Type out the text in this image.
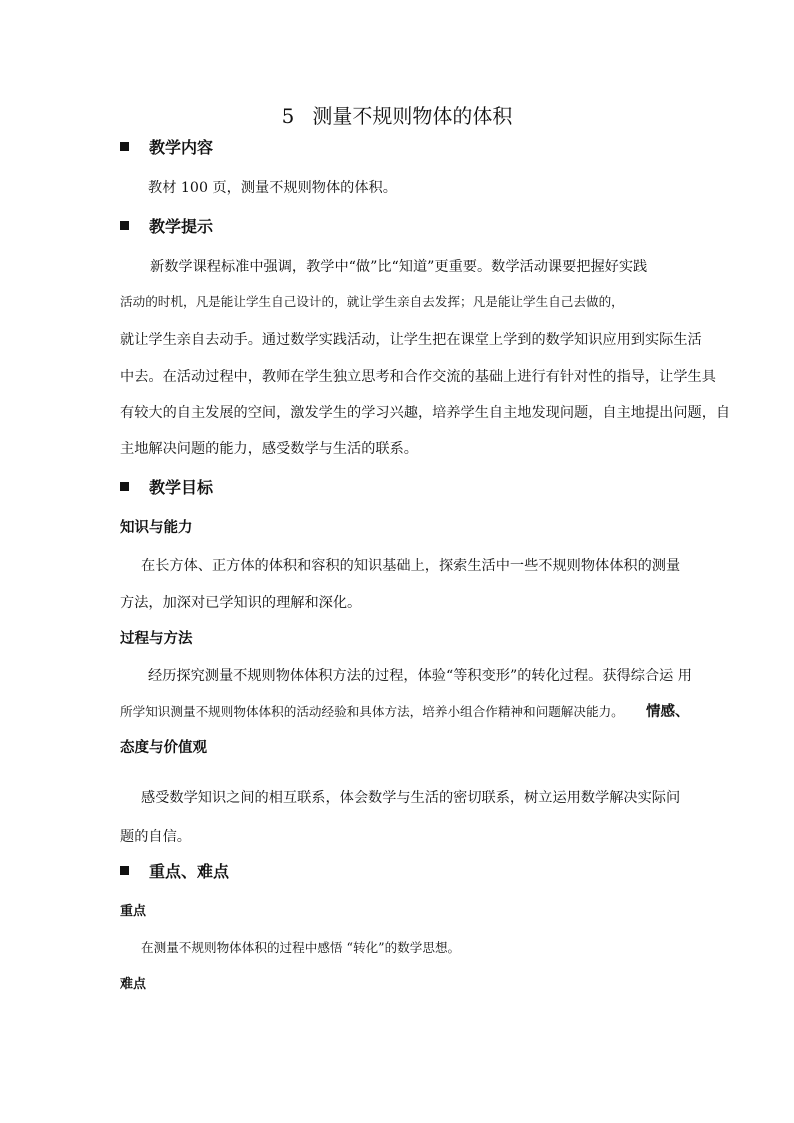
5 测量不规则物体的体积
教学内容
教材 100 页，测量不规则物体的体积。
教学提示
新数学课程标准中强调，教学中“做”比“知道”更重要。数学活动课要把握好实践
活动的时机，凡是能让学生自己设计的，就让学生亲自去发挥；凡是能让学生自己去做的，
就让学生亲自去动手。通过数学实践活动，让学生把在课堂上学到的数学知识应用到实际生活
中去。在活动过程中，教师在学生独立思考和合作交流的基础上进行有针对性的指导，让学生具
有较大的自主发展的空间，激发学生的学习兴趣，培养学生自主地发现问题，自主地提出问题，自
主地解决问题的能力，感受数学与生活的联系。
教学目标
知识与能力
在长方体、正方体的体积和容积的知识基础上，探索生活中一些不规则物体体积的测量
方法，加深对已学知识的理解和深化。
过程与方法
经历探究测量不规则物体体积方法的过程，体验“等积变形”的转化过程。获得综合运 用
所学知识测量不规则物体体积的活动经验和具体方法，培养小组合作精神和问题解决能力。 情感、
态度与价值观
感受数学知识之间的相互联系，体会数学与生活的密切联系，树立运用数学解决实际问
题的自信。
重点、难点
重点
在测量不规则物体体积的过程中感悟 “转化”的数学思想。
难点
